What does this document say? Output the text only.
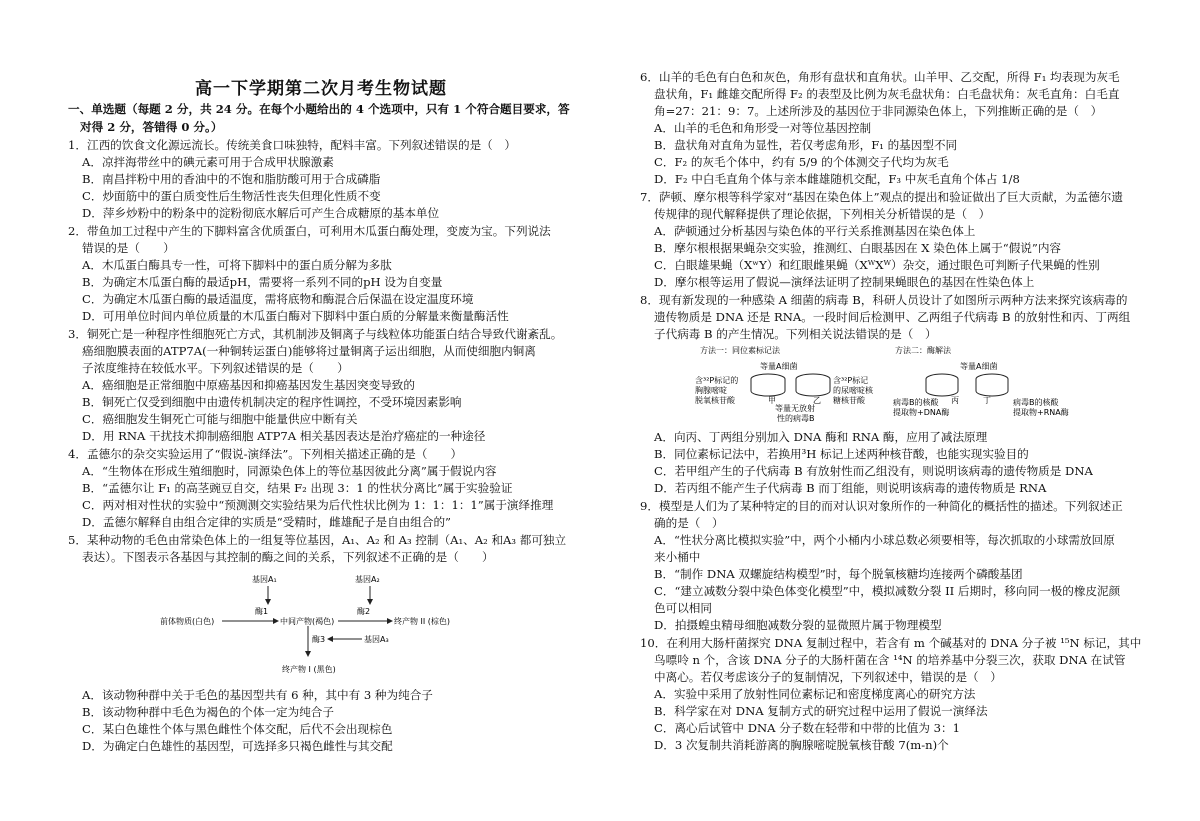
高一下学期第二次月考生物试题
一、单选题（每题 2 分，共 24 分。在每个小题给出的 4 个选项中，只有 1 个符合题目要求，答
对得 2 分，答错得 0 分。）
1．江西的饮食文化源远流长。传统美食口味独特，配料丰富。下列叙述错误的是（　）
A．凉拌海带丝中的碘元素可用于合成甲状腺激素
B．南昌拌粉中用的香油中的不饱和脂肪酸可用于合成磷脂
C．炒面筋中的蛋白质变性后生物活性丧失但理化性质不变
D．萍乡炒粉中的粉条中的淀粉彻底水解后可产生合成糖原的基本单位
2．带鱼加工过程中产生的下脚料富含优质蛋白，可利用木瓜蛋白酶处理，变废为宝。下列说法
错误的是（　　）
A．木瓜蛋白酶具专一性，可将下脚料中的蛋白质分解为多肽
B．为确定木瓜蛋白酶的最适pH，需要将一系列不同的pH 设为自变量
C．为确定木瓜蛋白酶的最适温度，需将底物和酶混合后保温在设定温度环境
D．可用单位时间内单位质量的木瓜蛋白酶对下脚料中蛋白质的分解量来衡量酶活性
3．铜死亡是一种程序性细胞死亡方式，其机制涉及铜离子与线粒体功能蛋白结合导致代谢紊乱。
癌细胞膜表面的ATP7A(一种铜转运蛋白)能够将过量铜离子运出细胞，从而使细胞内铜离
子浓度维持在较低水平。下列叙述错误的是（　　）
A．癌细胞是正常细胞中原癌基因和抑癌基因发生基因突变导致的
B．铜死亡仅受到细胞中由遗传机制决定的程序性调控，不受环境因素影响
C．癌细胞发生铜死亡可能与细胞中能量供应中断有关
D．用 RNA 干扰技术抑制癌细胞 ATP7A 相关基因表达是治疗癌症的一种途径
4．孟德尔的杂交实验运用了“假说-演绎法”。下列相关描述正确的是（　　）
A．“生物体在形成生殖细胞时，同源染色体上的等位基因彼此分离”属于假说内容
B．“孟德尔让 F₁ 的高茎豌豆自交，结果 F₂ 出现 3：1 的性状分离比”属于实验验证
C．两对相对性状的实验中“预测测交实验结果为后代性状比例为 1：1：1：1”属于演绎推理
D．孟德尔解释自由组合定律的实质是“受精时，雌雄配子是自由组合的”
5．某种动物的毛色由常染色体上的一组复等位基因，A₁、A₂ 和 A₃ 控制（A₁、A₂ 和A₃ 都可独立
表达）。下图表示各基因与其控制的酶之间的关系，下列叙述不正确的是（　　）
基因A₁	基因A₂
酶1	酶2
前体物质(白色)	中间产物(褐色)	终产物 II (棕色)
酶3	基因A₃
终产物 I (黑色)
A．该动物种群中关于毛色的基因型共有 6 种，其中有 3 种为纯合子
B．该动物种群中毛色为褐色的个体一定为纯合子
C．某白色雄性个体与黑色雌性个体交配，后代不会出现棕色
D．为确定白色雄性的基因型，可选择多只褐色雌性与其交配
6．山羊的毛色有白色和灰色，角形有盘状和直角状。山羊甲、乙交配，所得 F₁ 均表现为灰毛
盘状角，F₁ 雌雄交配所得 F₂ 的表型及比例为灰毛盘状角：白毛盘状角：灰毛直角：白毛直
角=27：21：9：7。上述所涉及的基因位于非同源染色体上，下列推断正确的是（　）
A．山羊的毛色和角形受一对等位基因控制
B．盘状角对直角为显性，若仅考虑角形，F₁ 的基因型不同
C．F₂ 的灰毛个体中，约有 5/9 的个体测交子代均为灰毛
D．F₂ 中白毛直角个体与亲本雌雄随机交配，F₃ 中灰毛直角个体占 1/8
7．萨顿、摩尔根等科学家对“基因在染色体上”观点的提出和验证做出了巨大贡献，为孟德尔遗
传规律的现代解释提供了理论依据，下列相关分析错误的是（　）
A．萨顿通过分析基因与染色体的平行关系推测基因在染色体上
B．摩尔根根据果蝇杂交实验，推测红、白眼基因在 X 染色体上属于“假说”内容
C．白眼雄果蝇（XʷY）和红眼雌果蝇（XᵂXᵂ）杂交，通过眼色可判断子代果蝇的性别
D．摩尔根等运用了假说—演绎法证明了控制果蝇眼色的基因在性染色体上
8．现有新发现的一种感染 A 细菌的病毒 B，科研人员设计了如图所示两种方法来探究该病毒的
遗传物质是 DNA 还是 RNA。一段时间后检测甲、乙两组子代病毒 B 的放射性和丙、丁两组
子代病毒 B 的产生情况。下列相关说法错误的是（　）
方法一：同位素标记法	方法二：酶解法
等量A细菌	等量A细菌
含³²P标记的
胸腺嘧啶
脱氧核苷酸
含³²P标记
的尿嘧啶核
糖核苷酸
甲	乙
等量无放射
性的病毒B
丙	丁
病毒B的核酸
提取物+DNA酶
病毒B的核酸
提取物+RNA酶
A．向丙、丁两组分别加入 DNA 酶和 RNA 酶，应用了减法原理
B．同位素标记法中，若换用³H 标记上述两种核苷酸，也能实现实验目的
C．若甲组产生的子代病毒 B 有放射性而乙组没有，则说明该病毒的遗传物质是 DNA
D．若丙组不能产生子代病毒 B 而丁组能，则说明该病毒的遗传物质是 RNA
9．模型是人们为了某种特定的目的而对认识对象所作的一种简化的概括性的描述。下列叙述正
确的是（　）
A．“性状分离比模拟实验”中，两个小桶内小球总数必须要相等，每次抓取的小球需放回原
来小桶中
B．“制作 DNA 双螺旋结构模型”时，每个脱氧核糖均连接两个磷酸基团
C．“建立减数分裂中染色体变化模型”中，模拟减数分裂 II 后期时，移向同一极的橡皮泥颜
色可以相同
D．拍摄蝗虫精母细胞减数分裂的显微照片属于物理模型
10．在利用大肠杆菌探究 DNA 复制过程中，若含有 m 个碱基对的 DNA 分子被 ¹⁵N 标记，其中
鸟嘌呤 n 个，含该 DNA 分子的大肠杆菌在含 ¹⁴N 的培养基中分裂三次，获取 DNA 在试管
中离心。若仅考虑该分子的复制情况，下列叙述中，错误的是（　）
A．实验中采用了放射性同位素标记和密度梯度离心的研究方法
B．科学家在对 DNA 复制方式的研究过程中运用了假说一演绎法
C．离心后试管中 DNA 分子数在轻带和中带的比值为 3：1
D．3 次复制共消耗游离的胸腺嘧啶脱氧核苷酸 7(m-n)个
